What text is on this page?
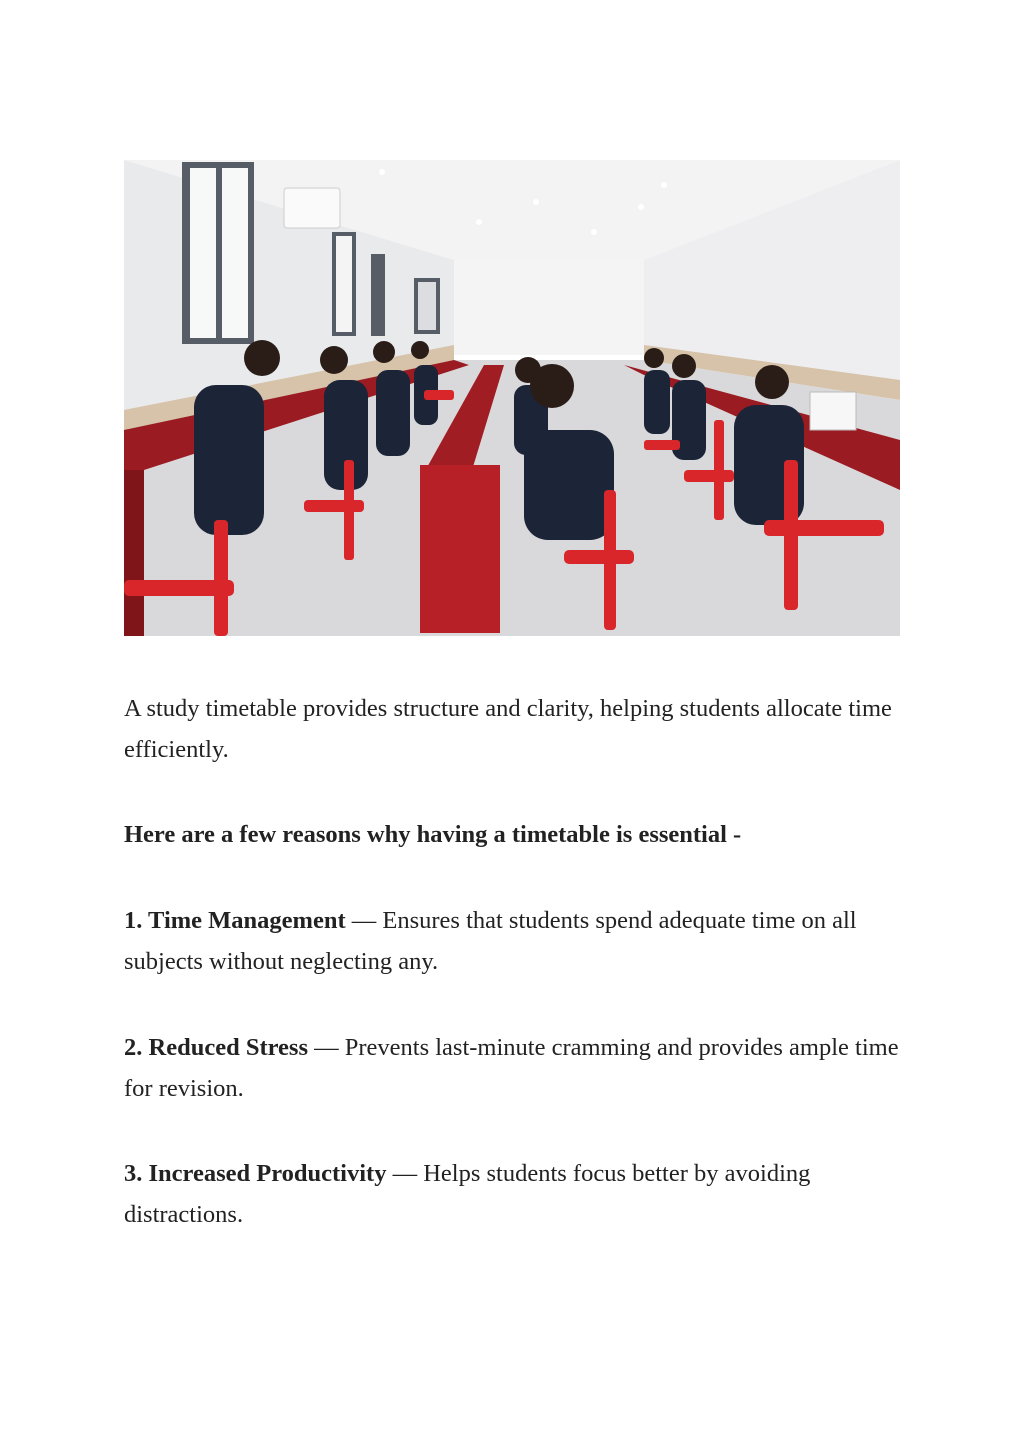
A study timetable provides structure and clarity, helping students allocate time efficiently.

Here are a few reasons why having a timetable is essential -

1. Time Management — Ensures that students spend adequate time on all subjects without neglecting any.

2. Reduced Stress — Prevents last-minute cramming and provides ample time for revision.

3. Increased Productivity — Helps students focus better by avoiding distractions.
